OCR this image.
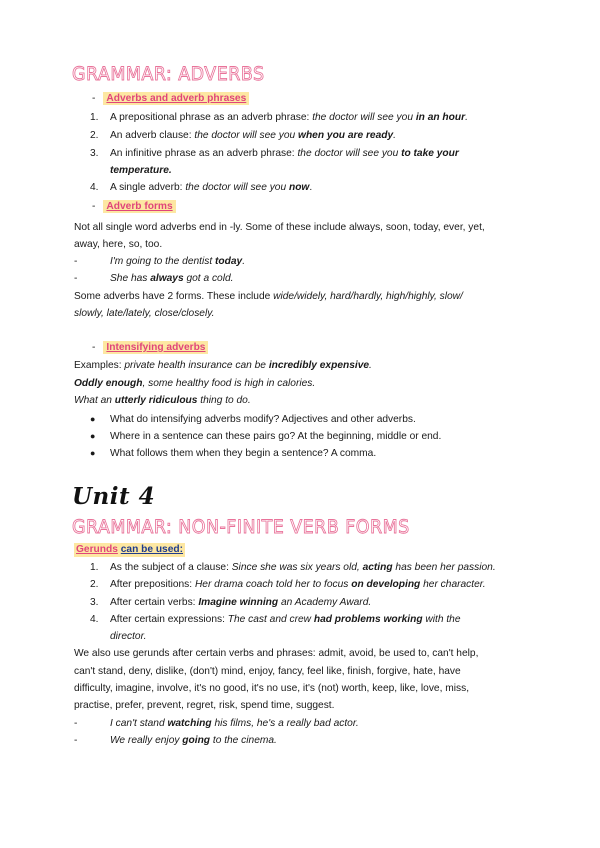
GRAMMAR: ADVERBS
- Adverbs and adverb phrases
1. A prepositional phrase as an adverb phrase: the doctor will see you in an hour.
2. An adverb clause: the doctor will see you when you are ready.
3. An infinitive phrase as an adverb phrase: the doctor will see you to take your
temperature.
4. A single adverb: the doctor will see you now.
- Adverb forms
Not all single word adverbs end in -ly. Some of these include always, soon, today, ever, yet,
away, here, so, too.
-	I'm going to the dentist today.
-	She has always got a cold.
Some adverbs have 2 forms. These include wide/widely, hard/hardly, high/highly, slow/
slowly, late/lately, close/closely.
- Intensifying adverbs
Examples: private health insurance can be incredibly expensive.
Oddly enough, some healthy food is high in calories.
What an utterly ridiculous thing to do.
● What do intensifying adverbs modify? Adjectives and other adverbs.
● Where in a sentence can these pairs go? At the beginning, middle or end.
● What follows them when they begin a sentence? A comma.
Unit 4
GRAMMAR: NON-FINITE VERB FORMS
Gerunds can be used:
1. As the subject of a clause: Since she was six years old, acting has been her passion.
2. After prepositions: Her drama coach told her to focus on developing her character.
3. After certain verbs: Imagine winning an Academy Award.
4. After certain expressions: The cast and crew had problems working with the
director.
We also use gerunds after certain verbs and phrases: admit, avoid, be used to, can't help,
can't stand, deny, dislike, (don't) mind, enjoy, fancy, feel like, finish, forgive, hate, have
difficulty, imagine, involve, it's no good, it's no use, it's (not) worth, keep, like, love, miss,
practise, prefer, prevent, regret, risk, spend time, suggest.
-	I can't stand watching his films, he's a really bad actor.
-	We really enjoy going to the cinema.
